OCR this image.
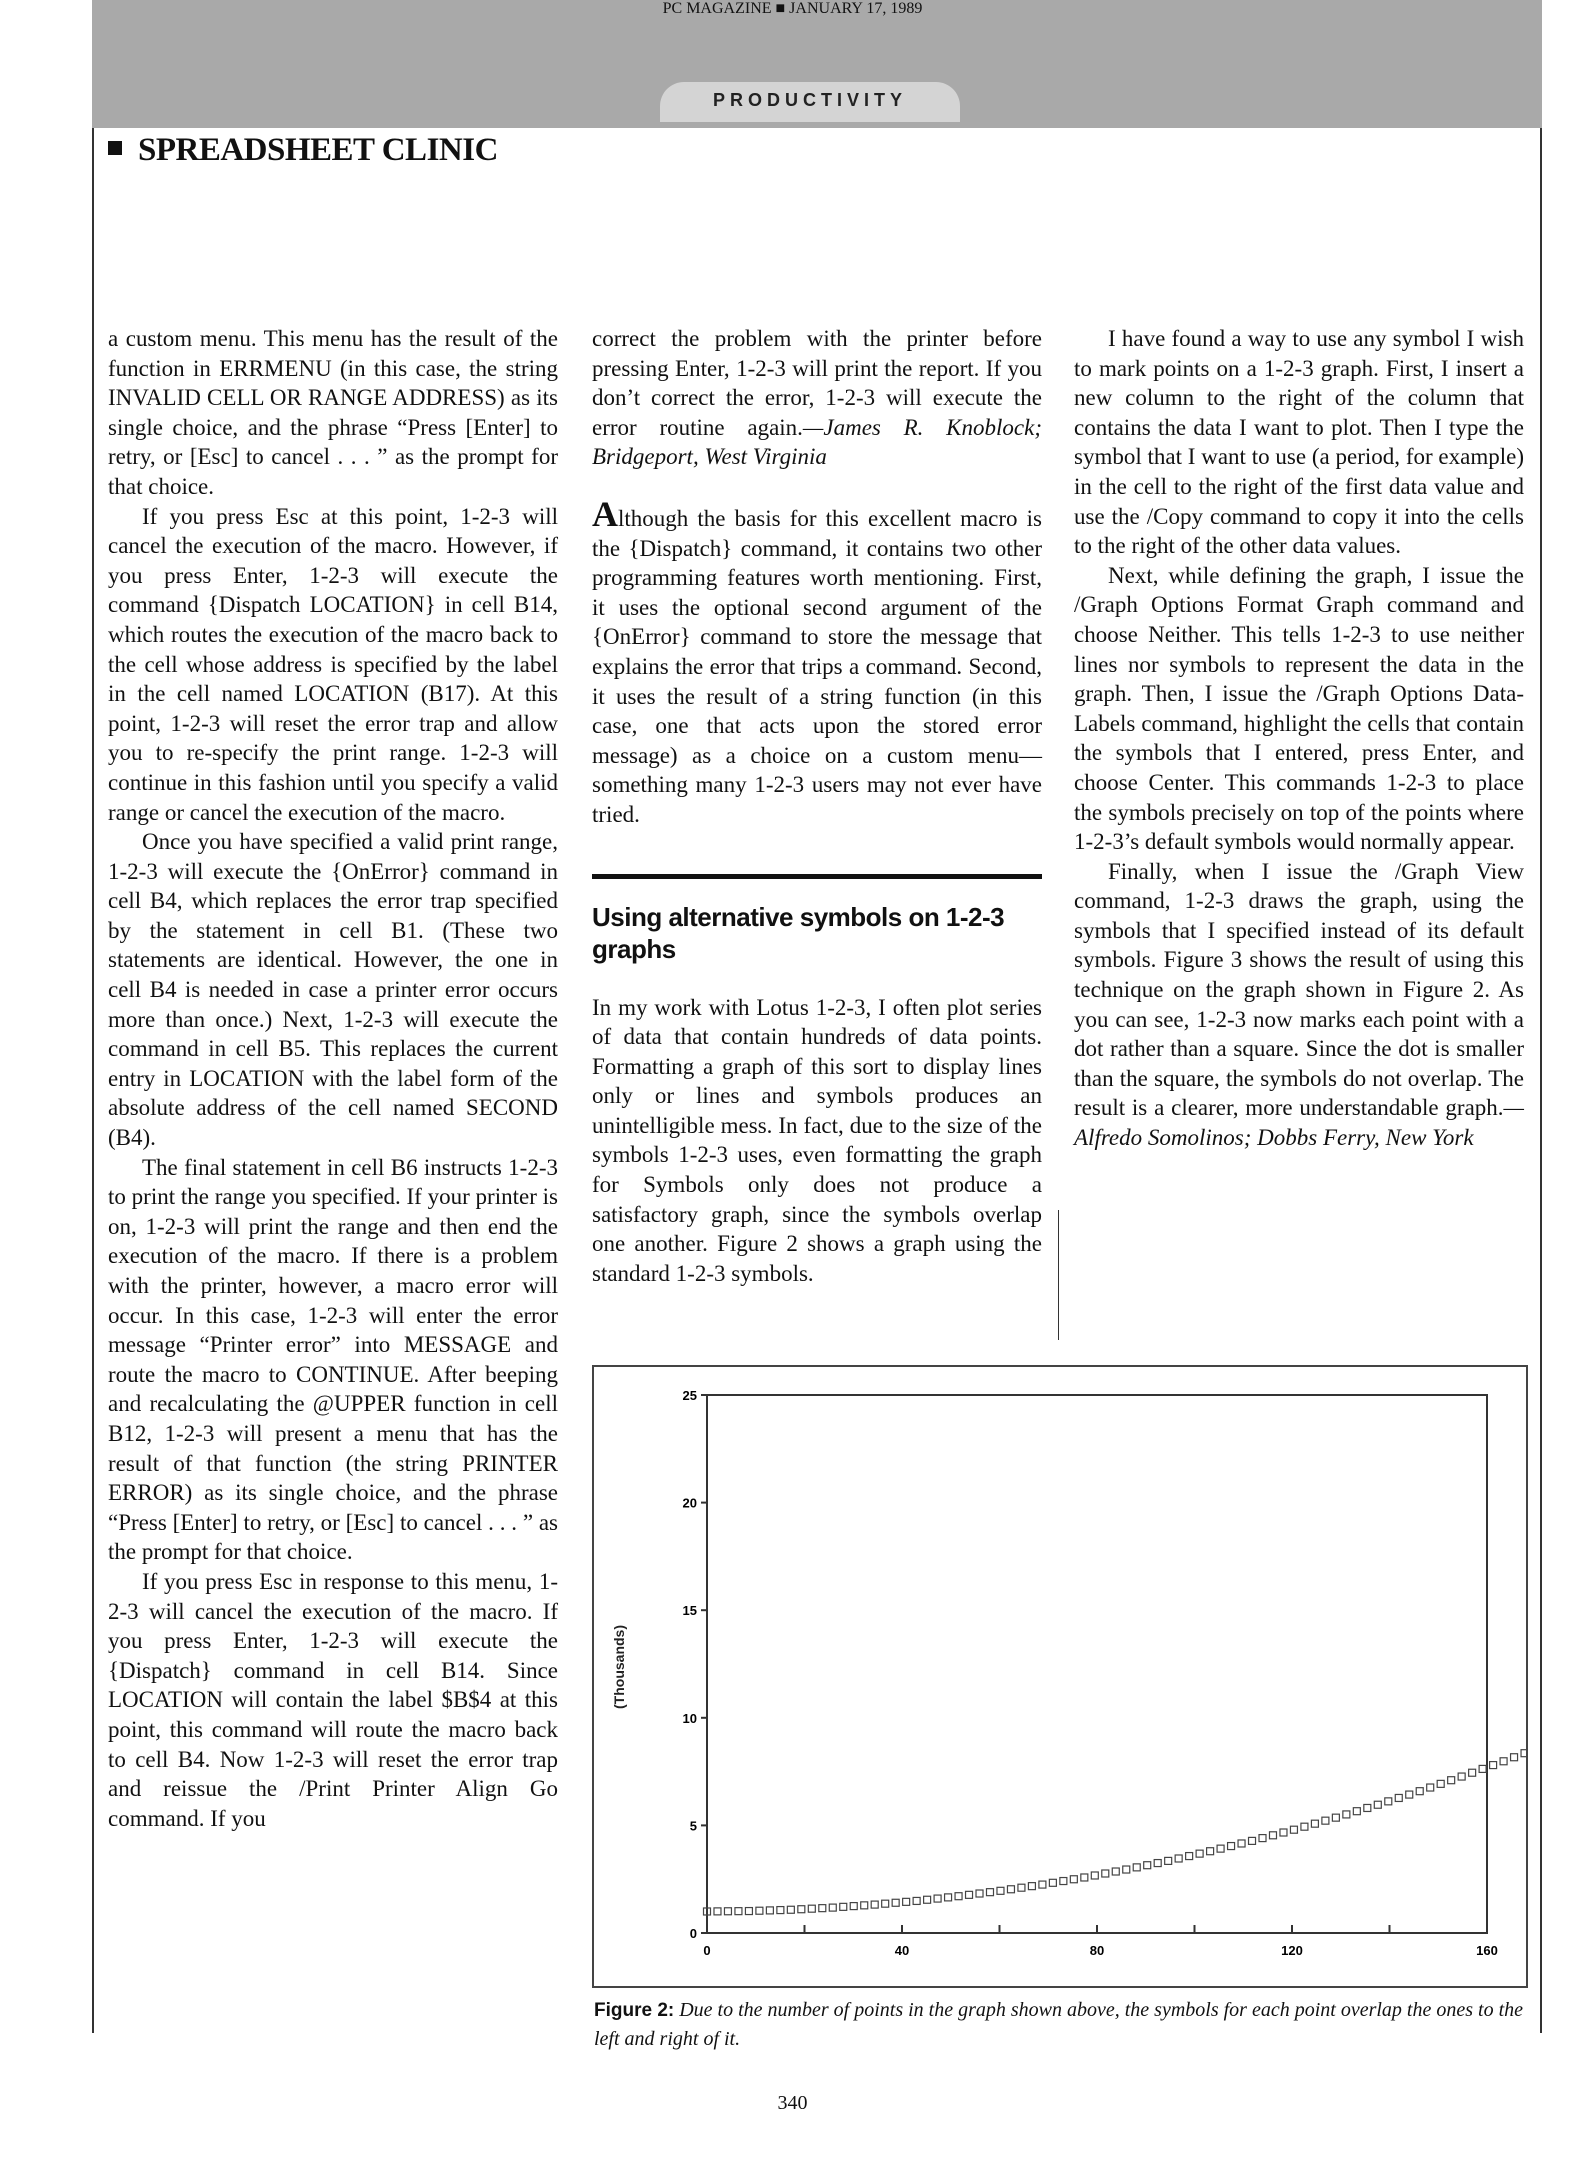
PRODUCTIVITY
SPREADSHEET CLINIC

a custom menu. This menu has the result of the function in ERRMENU (in this case, the string INVALID CELL OR RANGE ADDRESS) as its single choice, and the phrase “Press [Enter] to retry, or [Esc] to cancel . . . ” as the prompt for that choice.

If you press Esc at this point, 1-2-3 will cancel the execution of the macro. However, if you press Enter, 1-2-3 will execute the command {Dispatch LOCATION} in cell B14, which routes the execution of the macro back to the cell whose address is specified by the label in the cell named LOCATION (B17). At this point, 1-2-3 will reset the error trap and allow you to re-specify the print range. 1-2-3 will continue in this fashion until you specify a valid range or cancel the execution of the macro.

Once you have specified a valid print range, 1-2-3 will execute the {OnError} command in cell B4, which replaces the error trap specified by the statement in cell B1. (These two statements are identical. However, the one in cell B4 is needed in case a printer error occurs more than once.) Next, 1-2-3 will execute the command in cell B5. This replaces the current entry in LOCATION with the label form of the absolute address of the cell named SECOND (B4).

The final statement in cell B6 instructs 1-2-3 to print the range you specified. If your printer is on, 1-2-3 will print the range and then end the execution of the macro. If there is a problem with the printer, however, a macro error will occur. In this case, 1-2-3 will enter the error message “Printer error” into MESSAGE and route the macro to CONTINUE. After beeping and recalculating the @UPPER function in cell B12, 1-2-3 will present a menu that has the result of that function (the string PRINTER ERROR) as its single choice, and the phrase “Press [Enter] to retry, or [Esc] to cancel . . . ” as the prompt for that choice.

If you press Esc in response to this menu, 1-2-3 will cancel the execution of the macro. If you press Enter, 1-2-3 will execute the {Dispatch} command in cell B14. Since LOCATION will contain the label $B$4 at this point, this command will route the macro back to cell B4. Now 1-2-3 will reset the error trap and reissue the /Print Printer Align Go command. If you

correct the problem with the printer before pressing Enter, 1-2-3 will print the report. If you don’t correct the error, 1-2-3 will execute the error routine again.—James R. Knoblock; Bridgeport, West Virginia

Although the basis for this excellent macro is the {Dispatch} command, it contains two other programming features worth mentioning. First, it uses the optional second argument of the {OnError} command to store the message that explains the error that trips a command. Second, it uses the result of a string function (in this case, one that acts upon the stored error message) as a choice on a custom menu—something many 1-2-3 users may not ever have tried.

Using alternative symbols on 1-2-3 graphs

In my work with Lotus 1-2-3, I often plot series of data that contain hundreds of data points. Formatting a graph of this sort to display lines only or lines and symbols produces an unintelligible mess. In fact, due to the size of the symbols 1-2-3 uses, even formatting the graph for Symbols only does not produce a satisfactory graph, since the symbols overlap one another. Figure 2 shows a graph using the standard 1-2-3 symbols.

I have found a way to use any symbol I wish to mark points on a 1-2-3 graph. First, I insert a new column to the right of the column that contains the data I want to plot. Then I type the symbol that I want to use (a period, for example) in the cell to the right of the first data value and use the /Copy command to copy it into the cells to the right of the other data values.

Next, while defining the graph, I issue the /Graph Options Format Graph command and choose Neither. This tells 1-2-3 to use neither lines nor symbols to represent the data in the graph. Then, I issue the /Graph Options Data-Labels command, highlight the cells that contain the symbols that I entered, press Enter, and choose Center. This commands 1-2-3 to place the symbols precisely on top of the points where 1-2-3’s default symbols would normally appear.

Finally, when I issue the /Graph View command, 1-2-3 draws the graph, using the symbols that I specified instead of its default symbols. Figure 3 shows the result of using this technique on the graph shown in Figure 2. As you can see, 1-2-3 now marks each point with a dot rather than a square. Since the dot is smaller than the square, the symbols do not overlap. The result is a clearer, more understandable graph.—Alfredo Somolinos; Dobbs Ferry, New York

0
5
10
15
20
25
0	40	80	120	160
(Thousands)
Figure 2: Due to the number of points in the graph shown above, the symbols for each point overlap the ones to the left and right of it.
PC MAGAZINE ■ JANUARY 17, 1989
340
